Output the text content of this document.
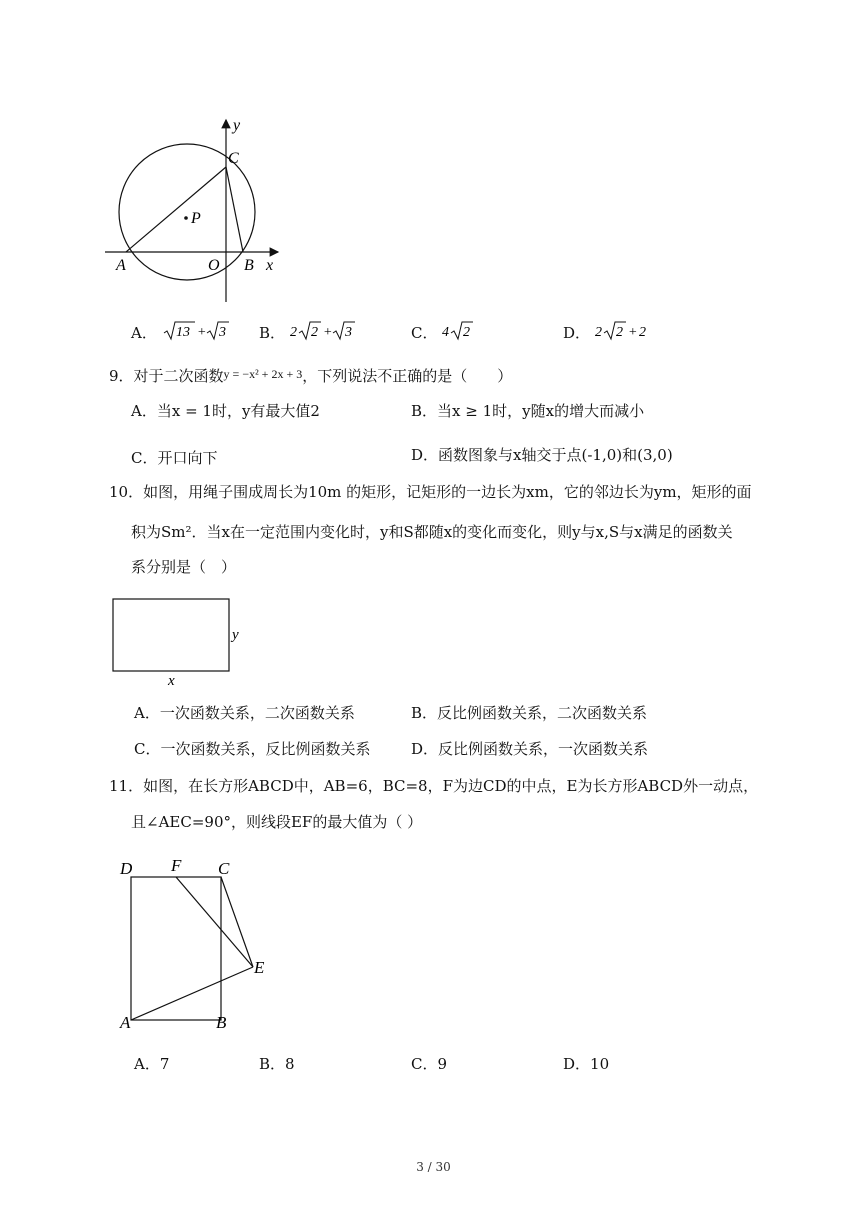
y
C
P
A	O B x
A． 13 + 3 B． 2 2 + 3	C． 4 2	D． 2 2 + 2
9．对于二次函数$^{y = -x^2 + 2x + 3}$，下列说法不正确的是（　　）
A．当x = 1时，y有最大值2	B．当x ≥ 1时，y随x的增大而减小
C．开口向下	D．函数图象与x轴交于点(-1,0)和(3,0)
10．如图，用绳子围成周长为10m 的矩形，记矩形的一边长为xm，它的邻边长为ym，矩形的面
积为Sm²．当x在一定范围内变化时，y和S都随x的变化而变化，则y与x,S与x满足的函数关
系分别是（　）
y
x
A．一次函数关系，二次函数关系	B．反比例函数关系，二次函数关系
C．一次函数关系，反比例函数关系	D．反比例函数关系，一次函数关系
11．如图，在长方形ABCD中，AB=6，BC=8，F为边CD的中点，E为长方形ABCD外一动点，
且∠AEC=90°，则线段EF的最大值为（ ）
D F C
E
A	B
A．7	B．8	C．9	D．10
3 / 30
